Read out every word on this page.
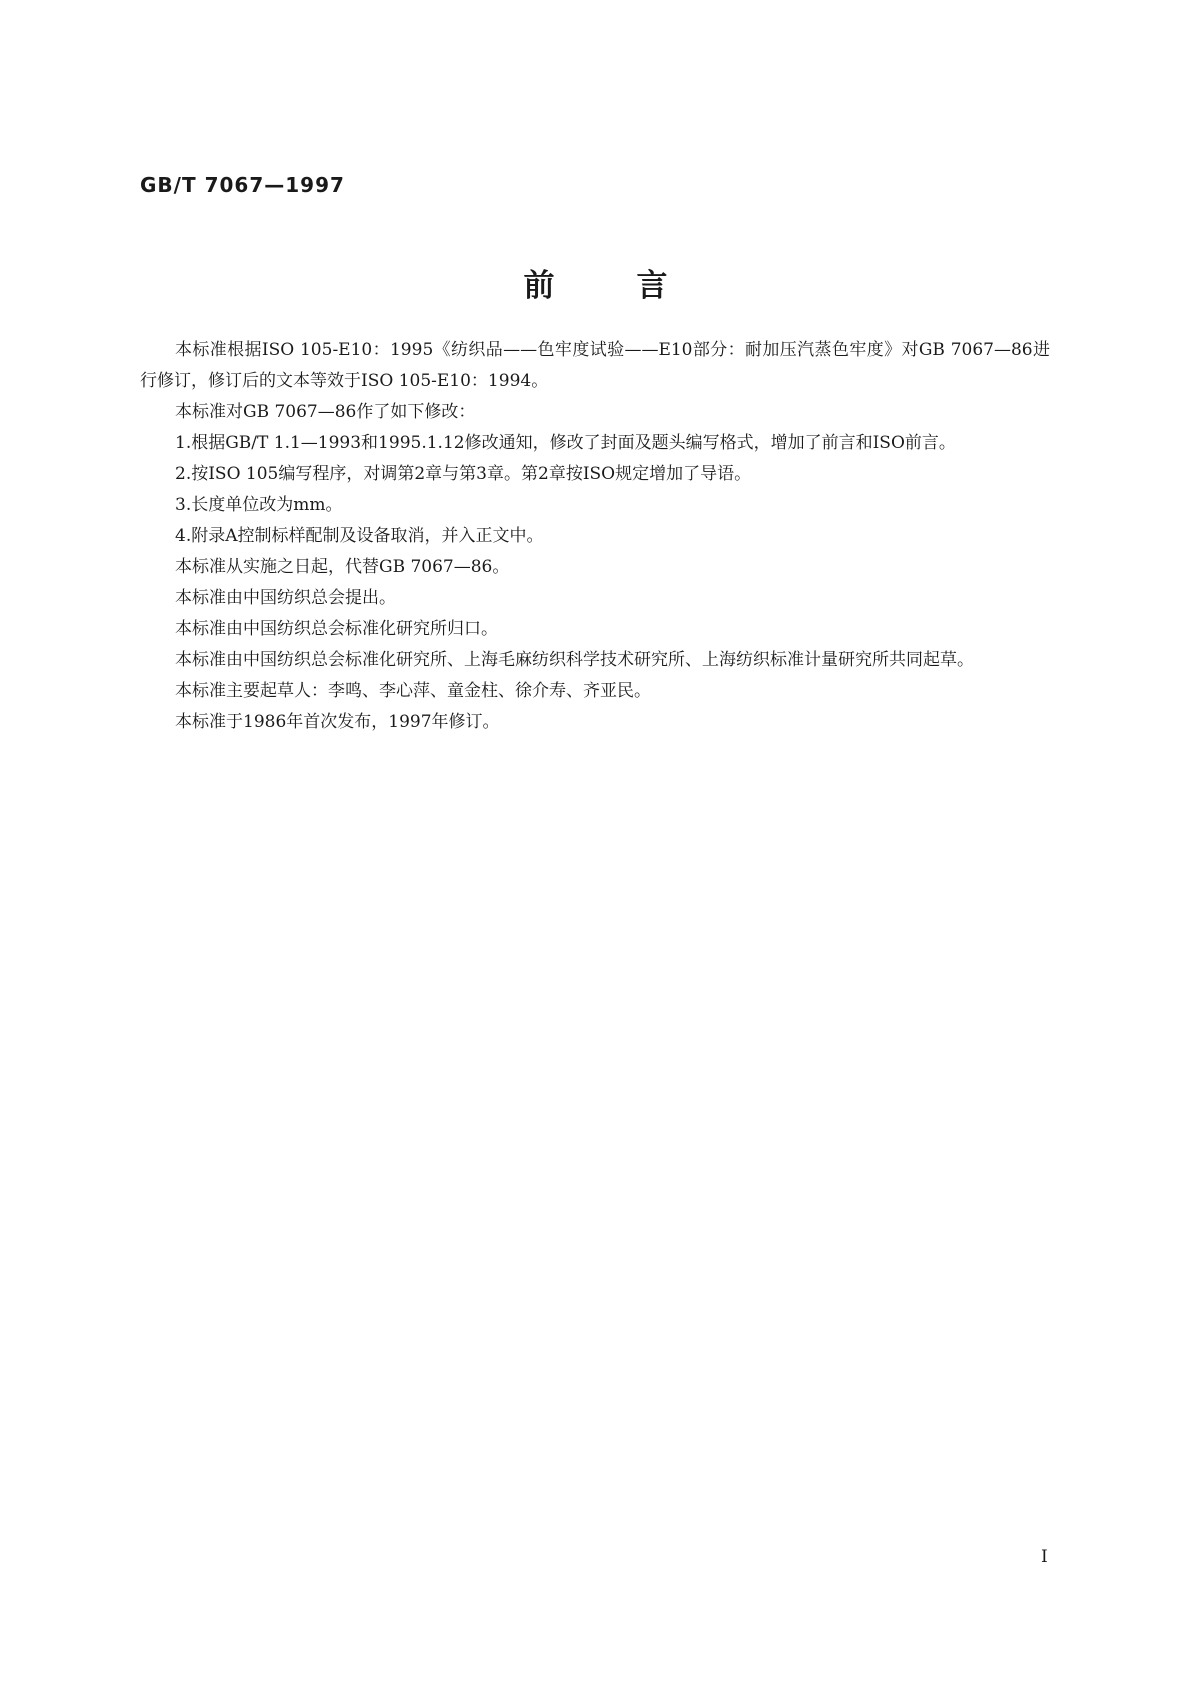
GB/T 7067—1997
前言

本标准根据ISO 105-E10：1995《纺织品——色牢度试验——E10部分：耐加压汽蒸色牢度》对GB 7067—86进行修订，修订后的文本等效于ISO 105-E10：1994。

本标准对GB 7067—86作了如下修改：

1.根据GB/T 1.1—1993和1995.1.12修改通知，修改了封面及题头编写格式，增加了前言和ISO前言。

2.按ISO 105编写程序，对调第2章与第3章。第2章按ISO规定增加了导语。

3.长度单位改为mm。

4.附录A控制标样配制及设备取消，并入正文中。

本标准从实施之日起，代替GB 7067—86。

本标准由中国纺织总会提出。

本标准由中国纺织总会标准化研究所归口。

本标准由中国纺织总会标准化研究所、上海毛麻纺织科学技术研究所、上海纺织标准计量研究所共同起草。

本标准主要起草人：李鸣、李心萍、童金柱、徐介寿、齐亚民。

本标准于1986年首次发布，1997年修订。

I
